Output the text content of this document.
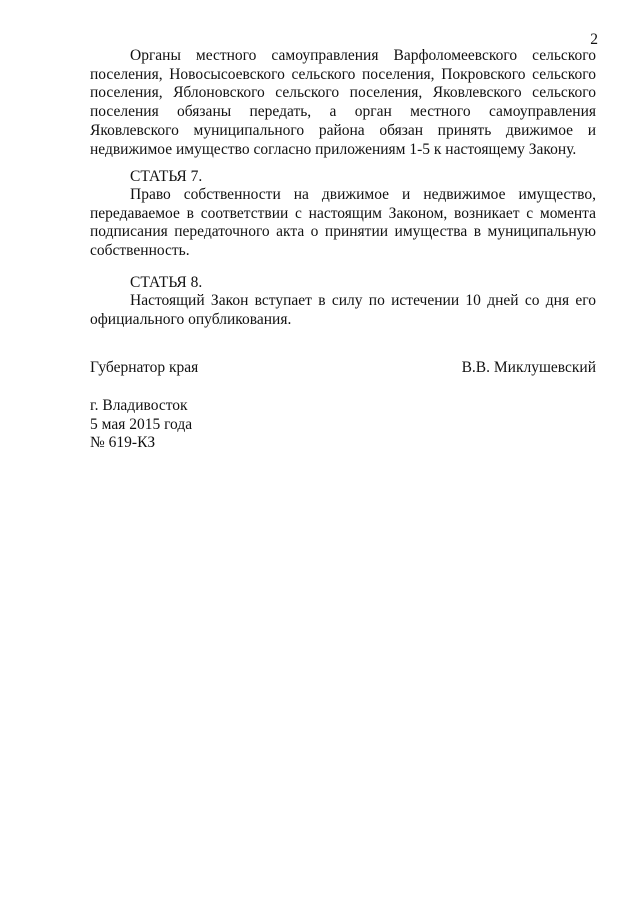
2

Органы местного самоуправления Варфоломеевского сельского поселения, Новосысоевского сельского поселения, Покровского сельского поселения, Яблоновского сельского поселения, Яковлевского сельского поселения обязаны передать, а орган местного самоуправления Яковлевского муниципального района обязан принять движимое и недвижимое имущество согласно приложениям 1-5 к настоящему Закону.

СТАТЬЯ 7.

Право собственности на движимое и недвижимое имущество, передаваемое в соответствии с настоящим Законом, возникает с момента подписания передаточного акта о принятии имущества в муниципальную собственность.

СТАТЬЯ 8.

Настоящий Закон вступает в силу по истечении 10 дней со дня его официального опубликования.

Губернатор края	В.В. Миклушевский
г. Владивосток
5 мая 2015 года
№ 619-КЗ
